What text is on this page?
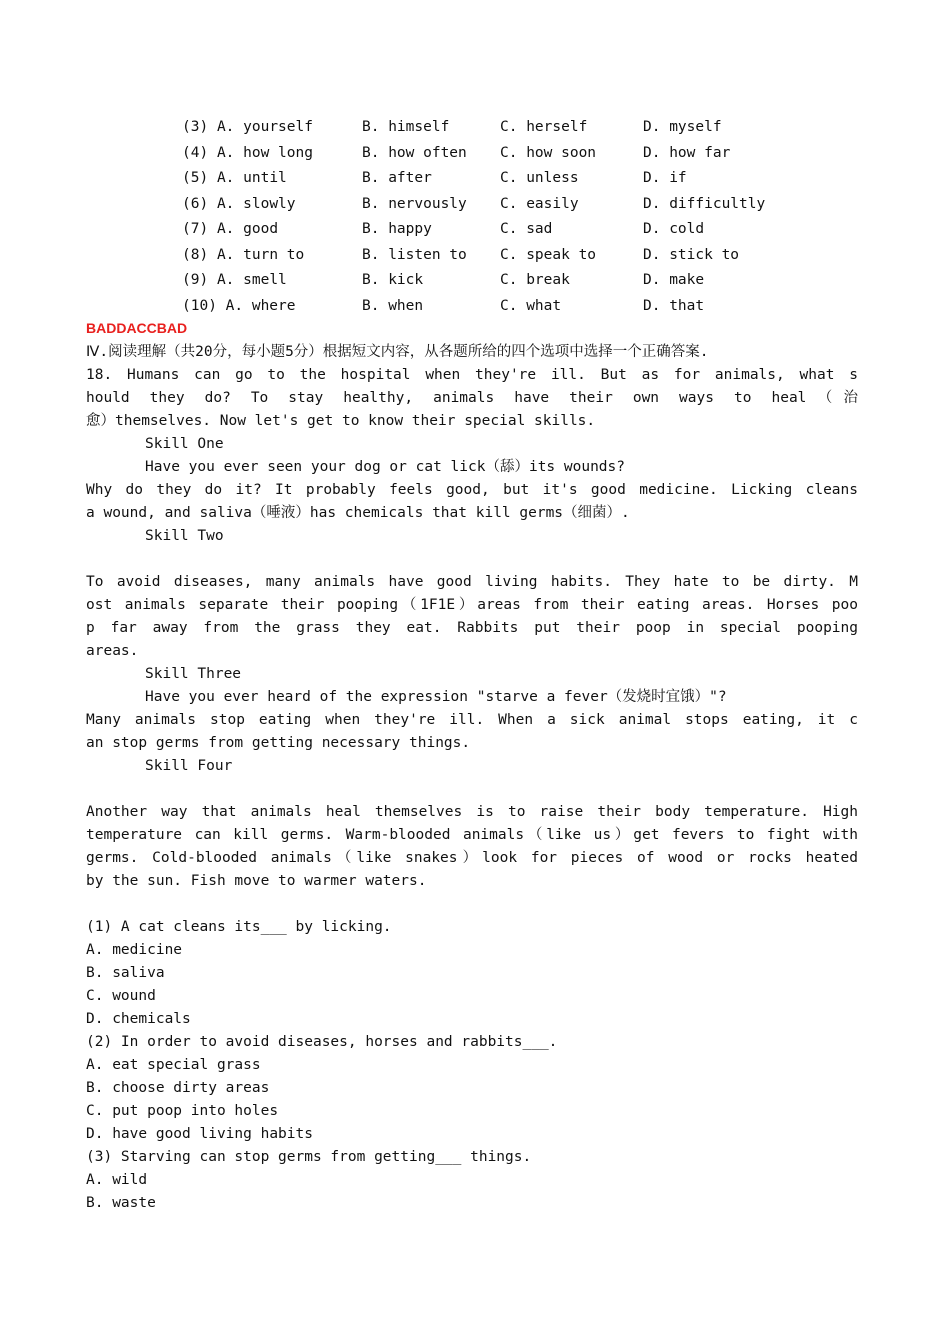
(3) A. yourself	B. himself	C. herself	D. myself
(4) A. how long	B. how often C. how soon	D. how far
(5) A. until	B. after	C. unless	D. if
(6) A. slowly	B. nervously C. easily	D. difficultly
(7) A. good	B. happy	C. sad	D. cold
(8) A. turn to	B. listen to C. speak to	D. stick to
(9) A. smell	B. kick	C. break	D. make
(10) A. where	B. when	C. what	D. that
BADDACCBAD
Ⅳ.阅读理解（共20分，每小题5分）根据短文内容，从各题所给的四个选项中选择一个正确答案.
18. Humans can go to the hospital when they're ill. But as for animals, what s
hould they do? To stay healthy, animals have their own ways to heal（治
愈）themselves. Now let's get to know their special skills.
Skill One
Have you ever seen your dog or cat lick（舔）its wounds?
Why do they do it? It probably feels good, but it's good medicine. Licking cleans
a wound, and saliva（唾液）has chemicals that kill germs（细菌）.
Skill Two
To avoid diseases, many animals have good living habits. They hate to be dirty. M
ost animals separate their pooping（1F1E）areas from their eating areas. Horses poo
p far away from the grass they eat. Rabbits put their poop in special pooping
areas.
Skill Three
Have you ever heard of the expression "starve a fever（发烧时宜饿）"?
Many animals stop eating when they're ill. When a sick animal stops eating, it c
an stop germs from getting necessary things.
Skill Four
Another way that animals heal themselves is to raise their body temperature. High
temperature can kill germs. Warm-blooded animals（like us）get fevers to fight with
germs. Cold-blooded animals（like snakes）look for pieces of wood or rocks heated
by the sun. Fish move to warmer waters.
(1) A cat cleans its___ by licking.
A. medicine
B. saliva
C. wound
D. chemicals
(2) In order to avoid diseases, horses and rabbits___.
A. eat special grass
B. choose dirty areas
C. put poop into holes
D. have good living habits
(3) Starving can stop germs from getting___ things.
A. wild
B. waste
